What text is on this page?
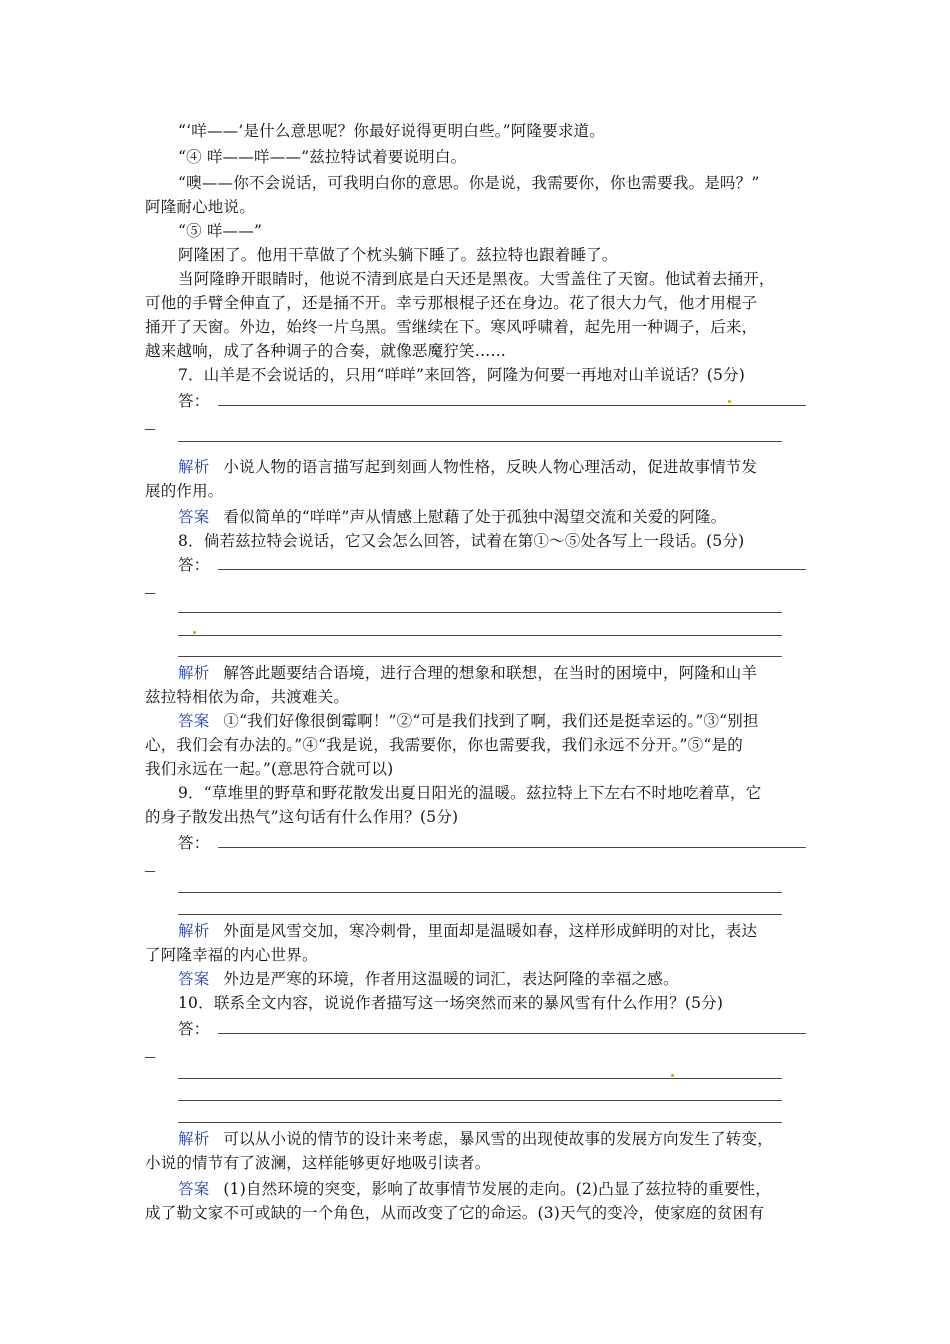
“‘咩——’是什么意思呢？你最好说得更明白些。”阿隆要求道。
“④ 咩——咩——”兹拉特试着要说明白。
“噢——你不会说话，可我明白你的意思。你是说，我需要你，你也需要我。是吗？”
阿隆耐心地说。
“⑤ 咩——”
阿隆困了。他用干草做了个枕头躺下睡了。兹拉特也跟着睡了。
当阿隆睁开眼睛时，他说不清到底是白天还是黑夜。大雪盖住了天窗。他试着去捅开，
可他的手臂全伸直了，还是捅不开。幸亏那根棍子还在身边。花了很大力气，他才用棍子
捅开了天窗。外边，始终一片乌黑。雪继续在下。寒风呼啸着，起先用一种调子，后来，
越来越响，成了各种调子的合奏，就像恶魔狞笑……
7．山羊是不会说话的，只用“咩咩”来回答，阿隆为何要一再地对山羊说话？(5分)
答：
解析 小说人物的语言描写起到刻画人物性格，反映人物心理活动，促进故事情节发
展的作用。
答案 看似简单的“咩咩”声从情感上慰藉了处于孤独中渴望交流和关爱的阿隆。
8．倘若兹拉特会说话，它又会怎么回答，试着在第①～⑤处各写上一段话。(5分)
答：
解析 解答此题要结合语境，进行合理的想象和联想，在当时的困境中，阿隆和山羊
兹拉特相依为命，共渡难关。
答案 ①“我们好像很倒霉啊！”②“可是我们找到了啊，我们还是挺幸运的。”③“别担
心，我们会有办法的。”④“我是说，我需要你，你也需要我，我们永远不分开。”⑤“是的
我们永远在一起。”(意思符合就可以)
9．“草堆里的野草和野花散发出夏日阳光的温暖。兹拉特上下左右不时地吃着草，它
的身子散发出热气”这句话有什么作用？(5分)
答：
解析 外面是风雪交加，寒冷刺骨，里面却是温暖如春，这样形成鲜明的对比，表达
了阿隆幸福的内心世界。
答案 外边是严寒的环境，作者用这温暖的词汇，表达阿隆的幸福之感。
10．联系全文内容，说说作者描写这一场突然而来的暴风雪有什么作用？(5分)
答：
解析 可以从小说的情节的设计来考虑，暴风雪的出现使故事的发展方向发生了转变，
小说的情节有了波澜，这样能够更好地吸引读者。
答案 (1)自然环境的突变，影响了故事情节发展的走向。(2)凸显了兹拉特的重要性，
成了勒文家不可或缺的一个角色，从而改变了它的命运。(3)天气的变冷，使家庭的贫困有
